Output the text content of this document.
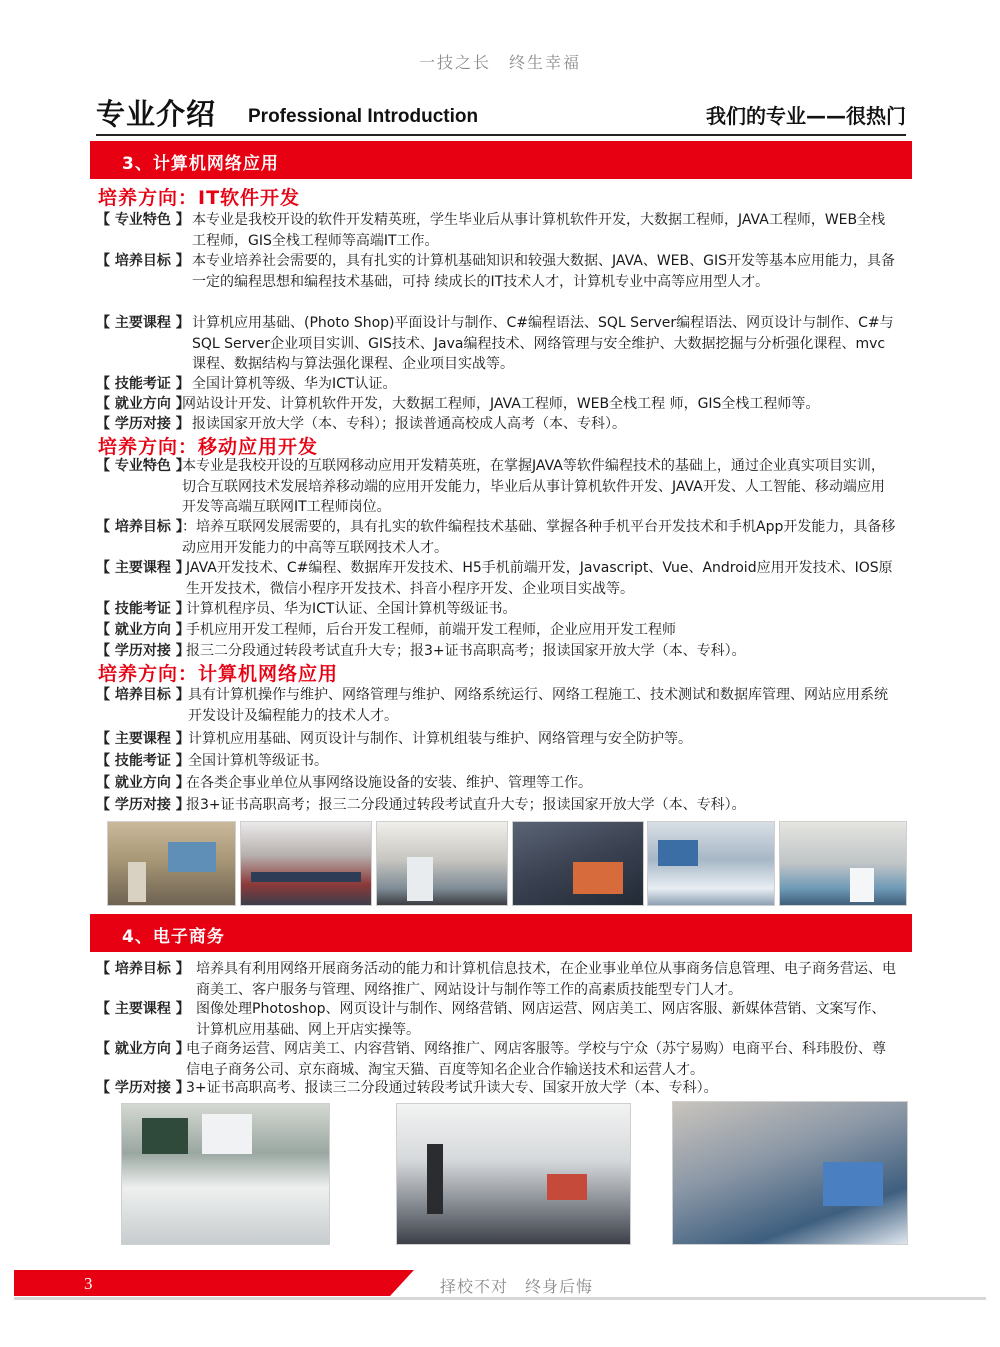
一技之长　终生幸福
专业介绍 Professional Introduction	我们的专业——很热门
3、计算机网络应用
培养方向：IT软件开发
【 专业特色 】 本专业是我校开设的软件开发精英班，学生毕业后从事计算机软件开发，大数据工程师，JAVA工程师，WEB全栈工程师，GIS全栈工程师等高端IT工作。
【 培养目标 】 本专业培养社会需要的，具有扎实的计算机基础知识和较强大数据、JAVA、WEB、GIS开发等基本应用能力，具备一定的编程思想和编程技术基础，可持 续成长的IT技术人才，计算机专业中高等应用型人才。
【 主要课程 】 计算机应用基础、(Photo Shop)平面设计与制作、C#编程语法、SQL Server编程语法、网页设计与制作、C#与SQL Server企业项目实训、GIS技术、Java编程技术、网络管理与安全维护、大数据挖掘与分析强化课程、mvc课程、数据结构与算法强化课程、企业项目实战等。
【 技能考证 】 全国计算机等级、华为ICT认证。
【 就业方向 】
网站设计开发、计算机软件开发，大数据工程师，JAVA工程师，WEB全栈工程 师，GIS全栈工程师等。
【 学历对接 】 报读国家开放大学（本、专科）；报读普通高校成人高考（本、专科）。
培养方向：移动应用开发
【 专业特色 】
本专业是我校开设的互联网移动应用开发精英班，在掌握JAVA等软件编程技术的基础上，通过企业真实项目实训，切合互联网技术发展培养移动端的应用开发能力，毕业后从事计算机软件开发、JAVA开发、人工智能、移动端应用开发等高端互联网IT工程师岗位。
【 培养目标 】
：培养互联网发展需要的，具有扎实的软件编程技术基础、掌握各种手机平台开发技术和手机App开发能力，具备移动应用开发能力的中高等互联网技术人才。
【 主要课程 】
JAVA开发技术、C#编程、数据库开发技术、H5手机前端开发，Javascript、Vue、Android应用开发技术、IOS原生开发技术，微信小程序开发技术、抖音小程序开发、企业项目实战等。
【 技能考证 】
计算机程序员、华为ICT认证、全国计算机等级证书。
【 就业方向 】
手机应用开发工程师，后台开发工程师，前端开发工程师，企业应用开发工程师
【 学历对接 】
报三二分段通过转段考试直升大专；报3+证书高职高考；报读国家开放大学（本、专科）。
培养方向：计算机网络应用
【 培养目标 】
具有计算机操作与维护、网络管理与维护、网络系统运行、网络工程施工、技术测试和数据库管理、网站应用系统开发设计及编程能力的技术人才。
【 主要课程 】
计算机应用基础、网页设计与制作、计算机组装与维护、网络管理与安全防护等。
【 技能考证 】
全国计算机等级证书。
【 就业方向 】
在各类企事业单位从事网络设施设备的安装、维护、管理等工作。
【 学历对接 】
报3+证书高职高考；报三二分段通过转段考试直升大专；报读国家开放大学（本、专科）。
4、电子商务
【 培养目标 】 培养具有利用网络开展商务活动的能力和计算机信息技术，在企业事业单位从事商务信息管理、电子商务营运、电商美工、客户服务与管理、网络推广、网站设计与制作等工作的高素质技能型专门人才。
【 主要课程 】 图像处理Photoshop、网页设计与制作、网络营销、网店运营、网店美工、网店客服、新媒体营销、文案写作、计算机应用基础、网上开店实操等。
【 就业方向 】
电子商务运营、网店美工、内容营销、网络推广、网店客服等。学校与宁众（苏宁易购）电商平台、科玮股份、尊信电子商务公司、京东商城、淘宝天猫、百度等知名企业合作输送技术和运营人才。
【 学历对接 】
3+证书高职高考、报读三二分段通过转段考试升读大专、国家开放大学（本、专科）。
3	择校不对　终身后悔
